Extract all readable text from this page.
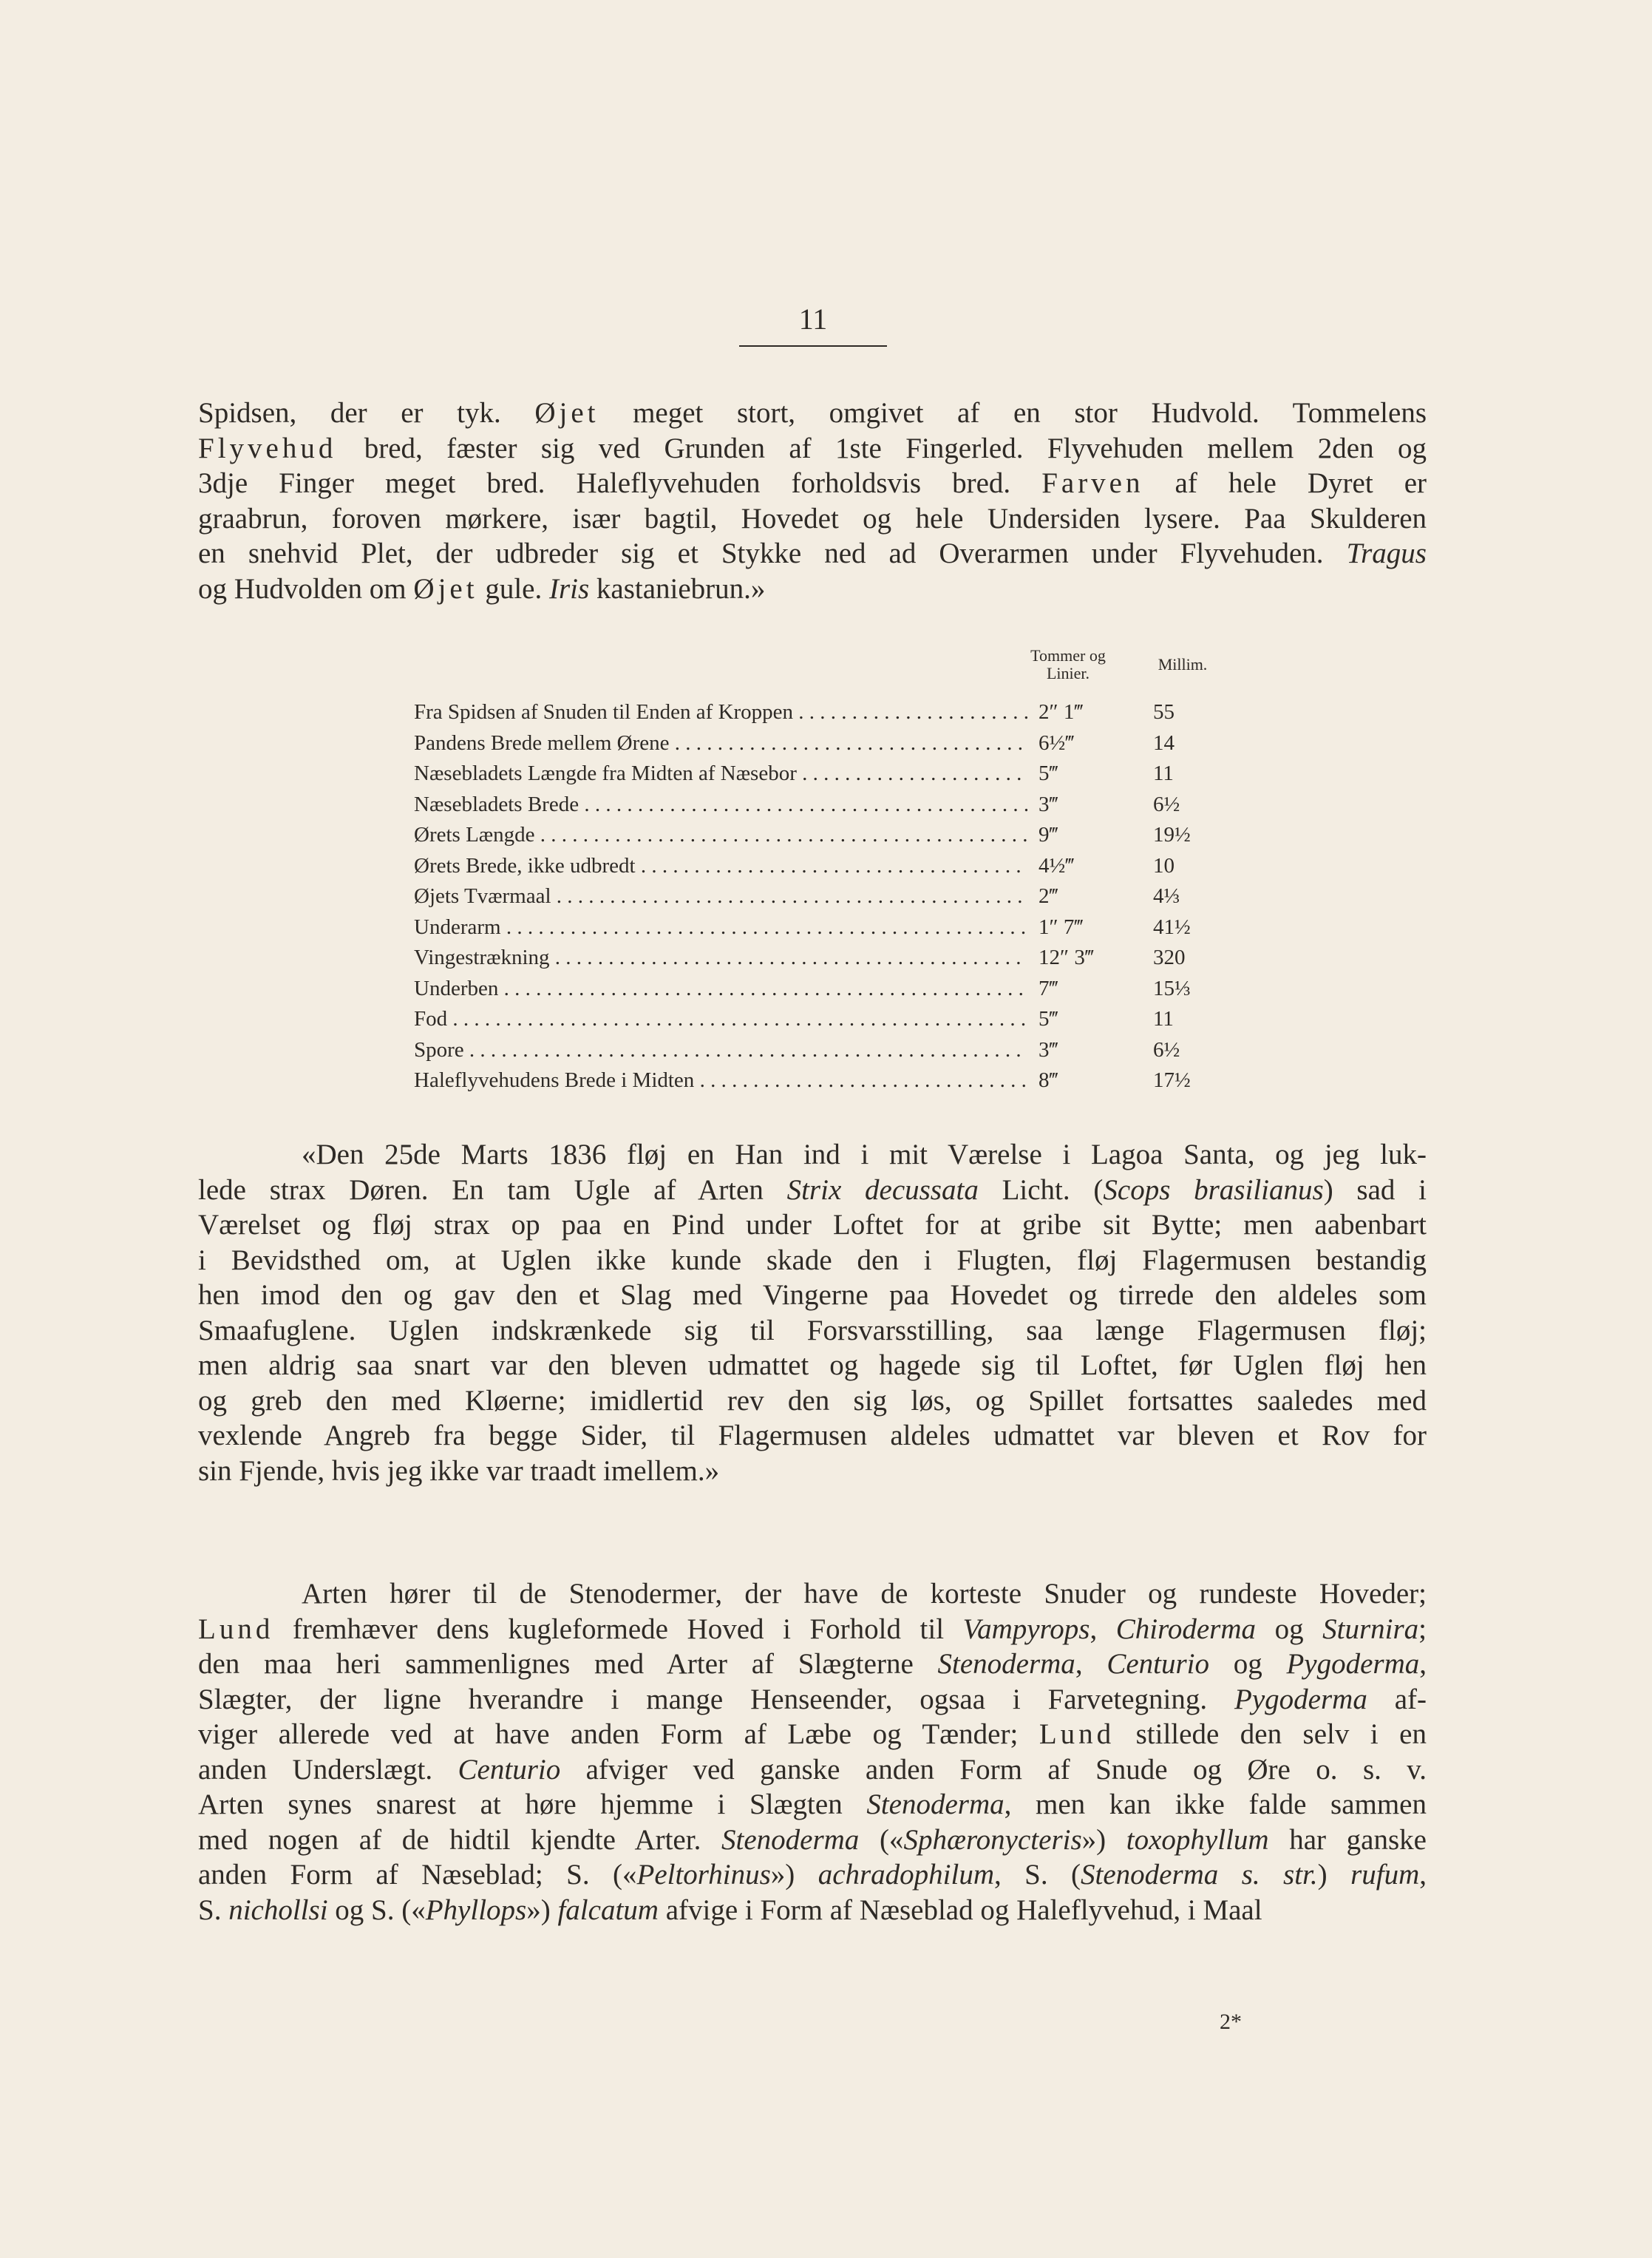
11
Spidsen, der er tyk. Øjet meget stort, omgivet af en stor Hudvold. Tommelens
Flyvehud bred, fæster sig ved Grunden af 1ste Fingerled. Flyvehuden mellem 2den og
3dje Finger meget bred. Haleflyvehuden forholdsvis bred. Farven af hele Dyret er
graabrun, foroven mørkere, især bagtil, Hovedet og hele Undersiden lysere. Paa Skulderen
en snehvid Plet, der udbreder sig et Stykke ned ad Overarmen under Flyvehuden. Tragus
og Hudvolden om Øjet gule. Iris kastaniebrun.»
Tommer og Linier.	Millim.
Fra Spidsen af Snuden til Enden af Kroppen . . .	2″ 1‴	55
Pandens Brede mellem Ørene . . .	6½‴	14
Næsebladets Længde fra Midten af Næsebor . . .	5‴	11
Næsebladets Brede . . .	3‴	6½
Ørets Længde . . .	9‴	19½
Ørets Brede, ikke udbredt . . .	4½‴	10
Øjets Tværmaal . . .	2‴	4⅓
Underarm . . .	1″ 7‴	41½
Vingestrækning . . .	12″ 3‴	320
Underben . . .	7‴	15⅓
Fod . . .	5‴	11
Spore . . .	3‴	6½
Haleflyvehudens Brede i Midten . . .	8‴	17½
«Den 25de Marts 1836 fløj en Han ind i mit Værelse i Lagoa Santa, og jeg luk-
lede strax Døren. En tam Ugle af Arten Strix decussata Licht. (Scops brasilianus) sad i
Værelset og fløj strax op paa en Pind under Loftet for at gribe sit Bytte; men aabenbart
i Bevidsthed om, at Uglen ikke kunde skade den i Flugten, fløj Flagermusen bestandig
hen imod den og gav den et Slag med Vingerne paa Hovedet og tirrede den aldeles som
Smaafuglene. Uglen indskrænkede sig til Forsvarsstilling, saa længe Flagermusen fløj;
men aldrig saa snart var den bleven udmattet og hagede sig til Loftet, før Uglen fløj hen
og greb den med Kløerne; imidlertid rev den sig løs, og Spillet fortsattes saaledes med
vexlende Angreb fra begge Sider, til Flagermusen aldeles udmattet var bleven et Rov for
sin Fjende, hvis jeg ikke var traadt imellem.»
Arten hører til de Stenodermer, der have de korteste Snuder og rundeste Hoveder;
Lund fremhæver dens kugleformede Hoved i Forhold til Vampyrops, Chiroderma og Sturnira;
den maa heri sammenlignes med Arter af Slægterne Stenoderma, Centurio og Pygoderma,
Slægter, der ligne hverandre i mange Henseender, ogsaa i Farvetegning. Pygoderma af-
viger allerede ved at have anden Form af Læbe og Tænder; Lund stillede den selv i en
anden Underslægt. Centurio afviger ved ganske anden Form af Snude og Øre o. s. v.
Arten synes snarest at høre hjemme i Slægten Stenoderma, men kan ikke falde sammen
med nogen af de hidtil kjendte Arter. Stenoderma («Sphæronycteris») toxophyllum har ganske
anden Form af Næseblad; S. («Peltorhinus») achradophilum, S. (Stenoderma s. str.) rufum,
S. nichollsi og S. («Phyllops») falcatum afvige i Form af Næseblad og Haleflyvehud, i Maal
2*
